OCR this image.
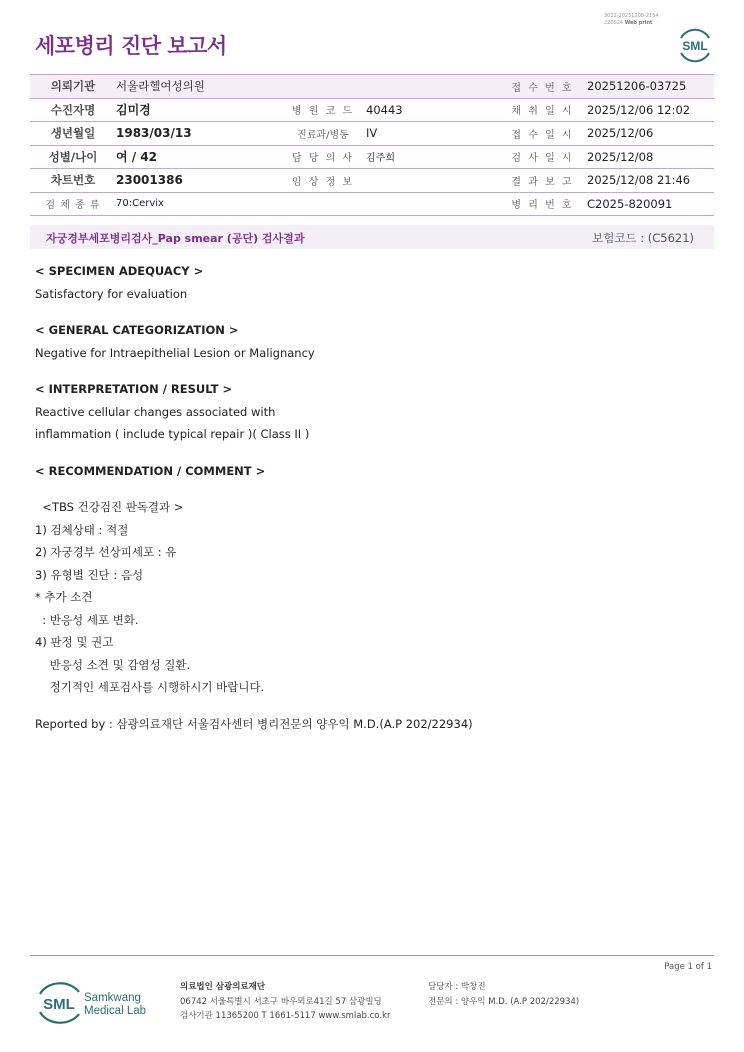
세포병리 진단 보고서
3022-20251208-2154
220024 Web print
SML
의뢰기관	서울라헬여성의원			접 수 번 호	20251206-03725
수진자명	김미경	병 원 코 드	40443	채 취 일 시	2025/12/06 12:02
생년월일	1983/03/13	진료과/병동	IV	접 수 일 시	2025/12/06
성별/나이	여 / 42	담 당 의 사	김주희	검 사 일 시	2025/12/08
차트번호	23001386	임 상 정 보		결 과 보 고	2025/12/08 21:46
검 체 종 류	70:Cervix			병 리 번 호	C2025-820091
자궁경부세포병리검사_Pap smear (공단) 검사결과	보험코드 : (C5621)
< SPECIMEN ADEQUACY >
Satisfactory for evaluation
< GENERAL CATEGORIZATION >
Negative for Intraepithelial Lesion or Malignancy
< INTERPRETATION / RESULT >
Reactive cellular changes associated with
inflammation ( include typical repair )( Class II )
< RECOMMENDATION / COMMENT >
<TBS 건강검진 판독결과 >
1) 검체상태 : 적절
2) 자궁경부 선상피세포 : 유
3) 유형별 진단 : 음성
* 추가 소견
: 반응성 세포 변화.
4) 판정 및 권고
반응성 소견 및 감염성 질환.
정기적인 세포검사를 시행하시기 바랍니다.
Reported by : 삼광의료재단 서울검사센터 병리전문의 양우익 M.D.(A.P 202/22934)
Page 1 of 1
SML Samkwang
Medical Lab
의료법인 삼광의료재단
06742 서울특별시 서초구 바우뫼로41길 57 삼광빌딩
검사기관 11365200 T 1661-5117 www.smlab.co.kr
담당자 : 박창진
전문의 : 양우익 M.D. (A.P 202/22934)
